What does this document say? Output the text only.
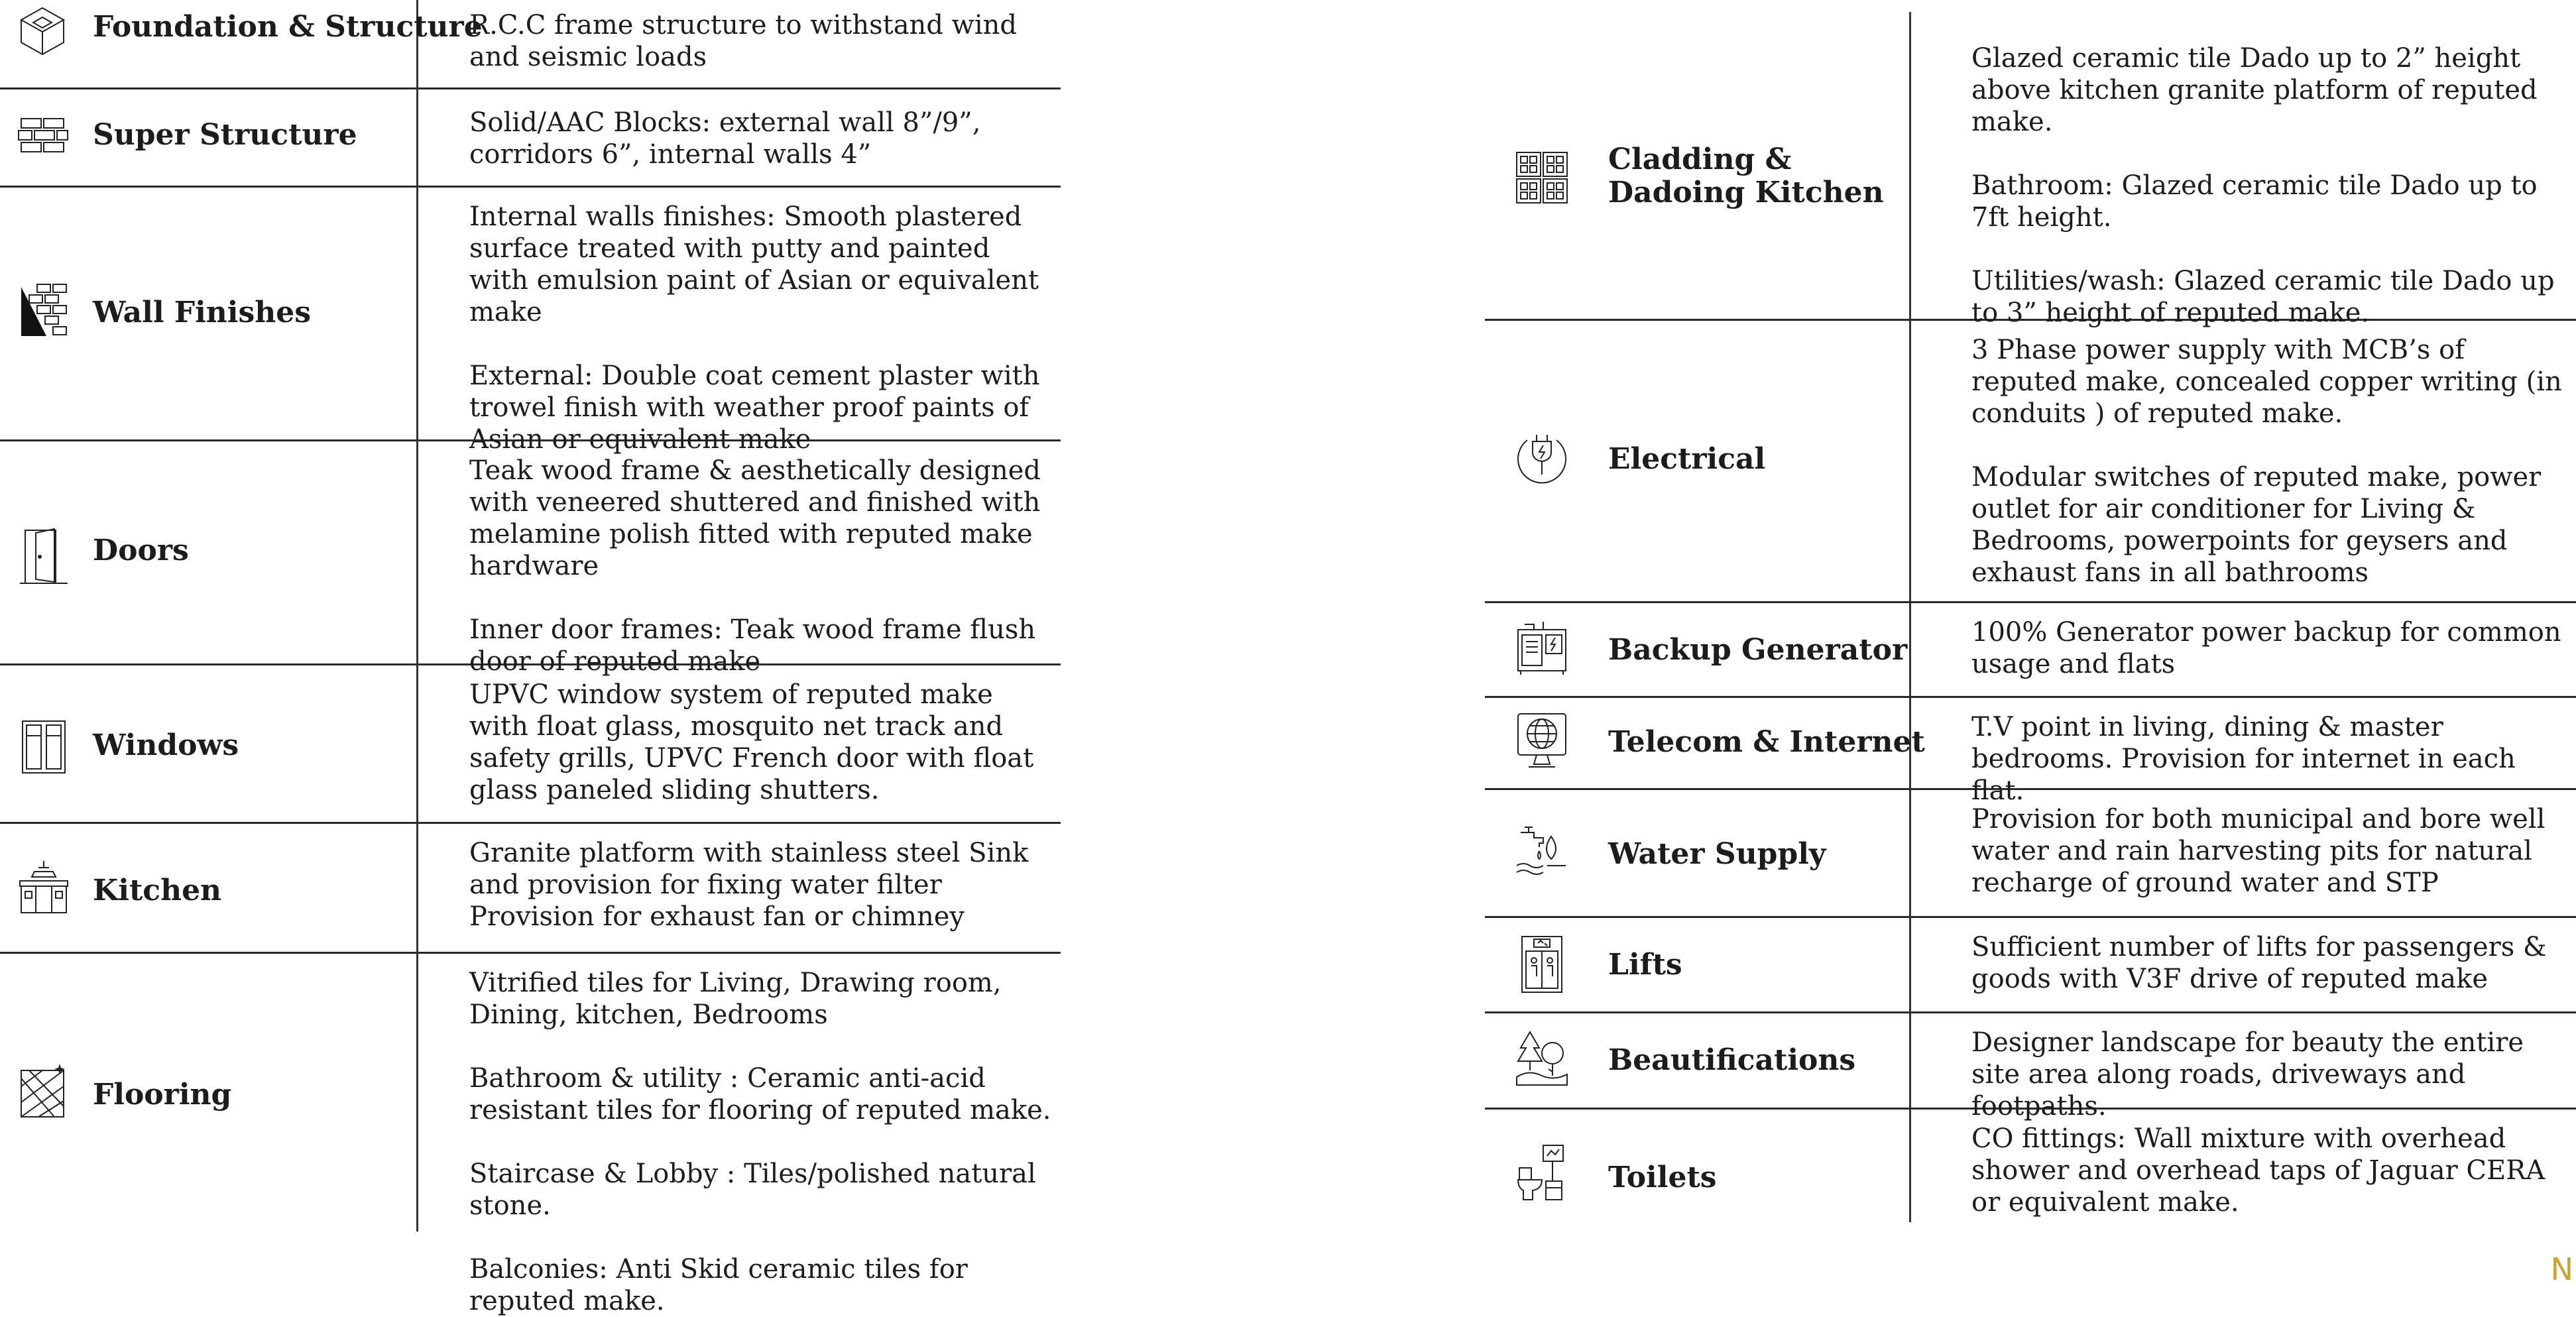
Foundation & Structure

R.C.C frame structure to withstand wind and seismic loads

Super Structure	Solid/AAC Blocks: external wall 8”/9”, corridors 6”, internal walls 4”

Wall Finishes

Internal walls finishes: Smooth plastered surface treated with putty and painted with emulsion paint of Asian or equivalent make

External: Double coat cement plaster with trowel finish with weather proof paints of Asian or equivalent make

Doors

Teak wood frame & aesthetically designed with veneered shuttered and finished with melamine polish fitted with reputed make hardware

Inner door frames: Teak wood frame flush door of reputed make

Windows

UPVC window system of reputed make with float glass, mosquito net track and safety grills, UPVC French door with float glass paneled sliding shutters.

Kitchen

Granite platform with stainless steel Sink and provision for fixing water filter Provision for exhaust fan or chimney

Flooring

Vitrified tiles for Living, Drawing room, Dining, kitchen, Bedrooms

Bathroom & utility : Ceramic anti-acid resistant tiles for flooring of reputed make.

Staircase & Lobby : Tiles/polished natural stone.

Balconies: Anti Skid ceramic tiles for reputed make.

Cladding & Dadoing Kitchen

Glazed ceramic tile Dado up to 2” height above kitchen granite platform of reputed make.

Bathroom: Glazed ceramic tile Dado up to 7ft height.

Utilities/wash: Glazed ceramic tile Dado up to 3” height of reputed make.

Electrical

3 Phase power supply with MCB’s of reputed make, concealed copper writing (in conduits ) of reputed make.

Modular switches of reputed make, power outlet for air conditioner for Living & Bedrooms, powerpoints for geysers and exhaust fans in all bathrooms

Backup Generator

100% Generator power backup for common usage and flats

Telecom & Internet T.V point in living, dining & master bedrooms. Provision for internet in each flat.

Water Supply

Provision for both municipal and bore well water and rain harvesting pits for natural recharge of ground water and STP

Lifts

Sufficient number of lifts for passengers & goods with V3F drive of reputed make

Beautifications

Designer landscape for beauty the entire site area along roads, driveways and footpaths.

Toilets

CO fittings: Wall mixture with overhead shower and overhead taps of Jaguar CERA or equivalent make.

N
